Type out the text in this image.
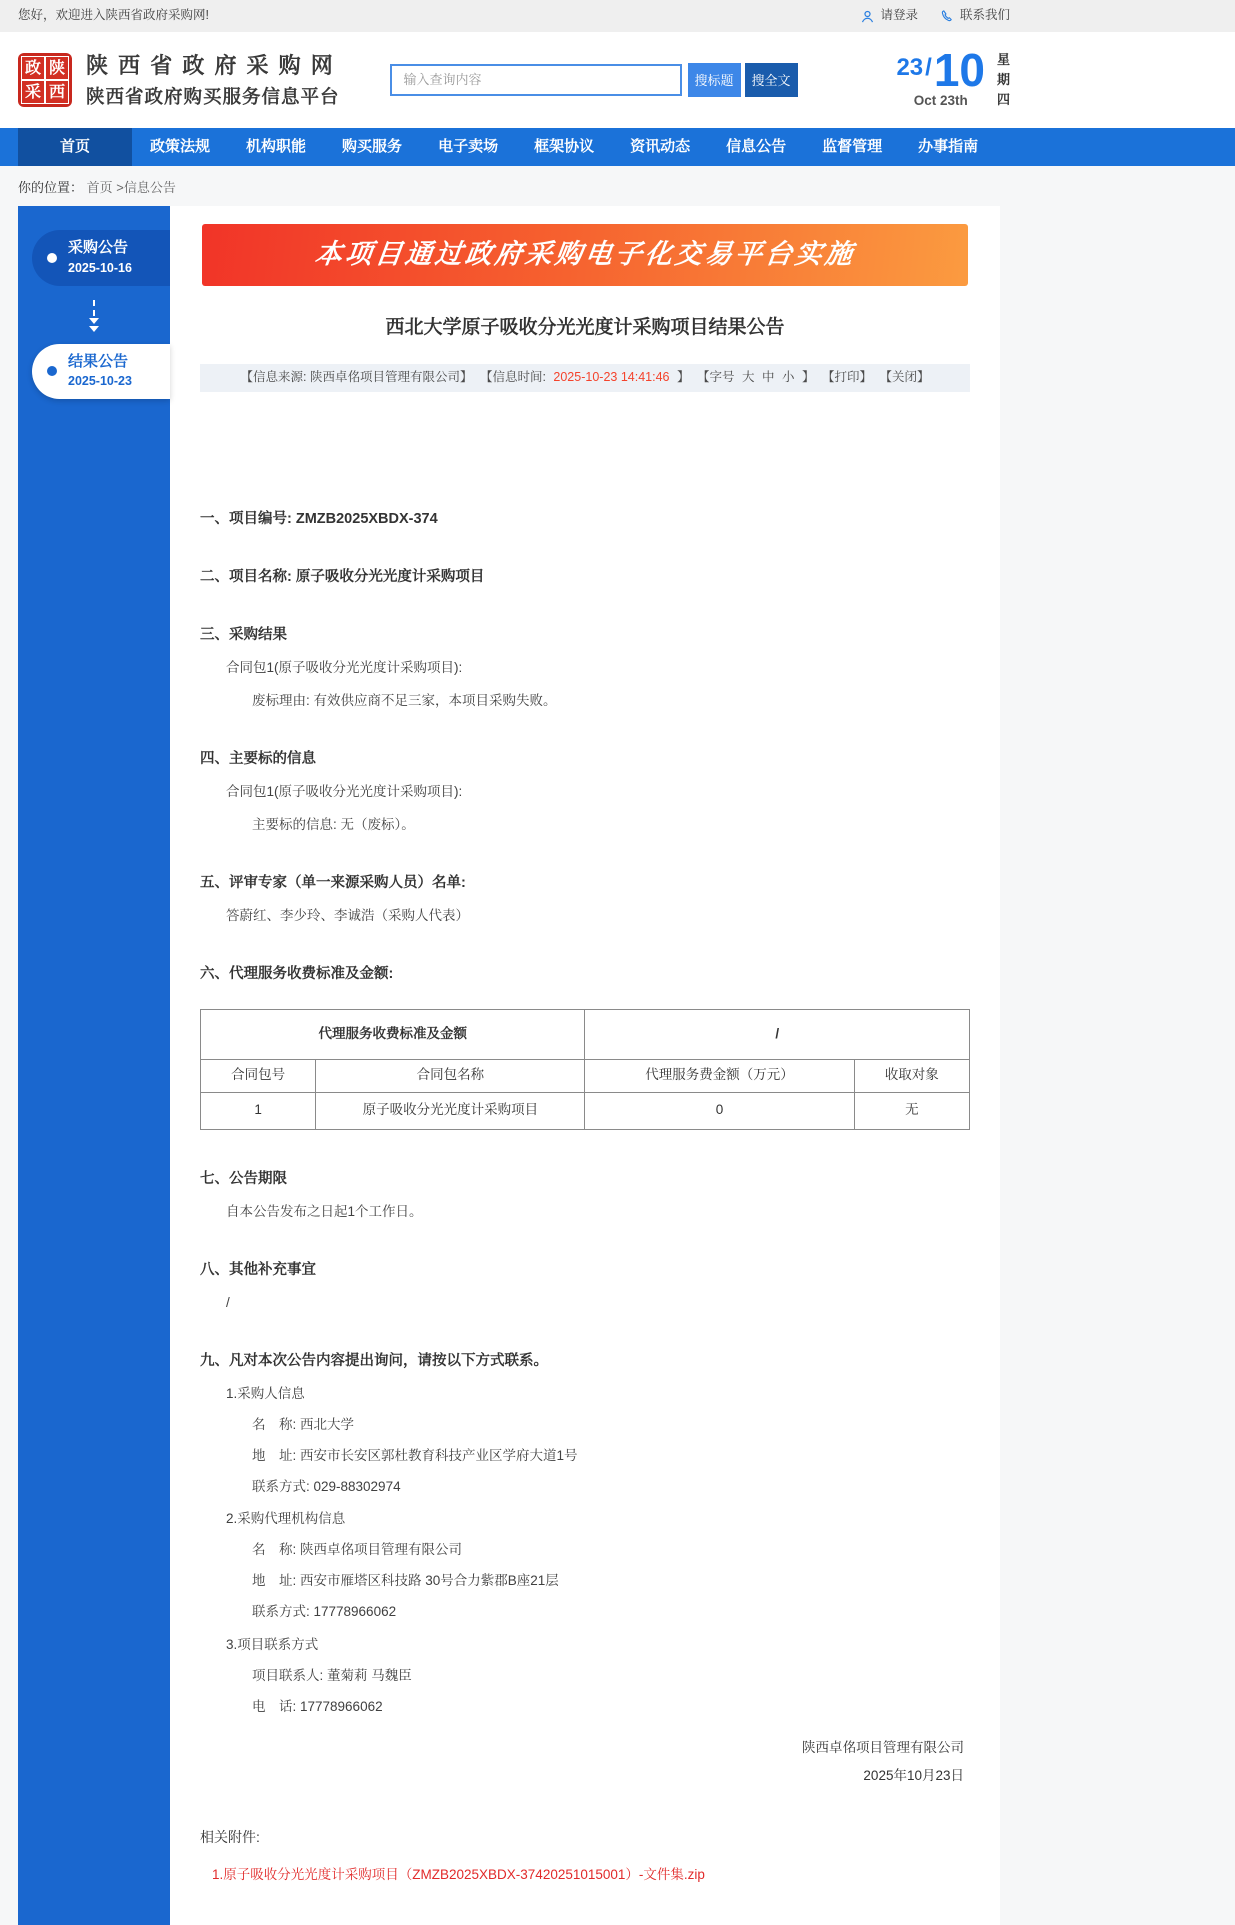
您好，欢迎进入陕西省政府采购网!	请登录	联系我们
政 陕
采 西
陕 西 省 政 府 采 购 网
陕西省政府购买服务信息平台
输入查询内容
搜标题	搜全文
23 / 10
Oct 23th
星
期
四
首页	政策法规	机构职能	购买服务	电子卖场	框架协议	资讯动态	信息公告	监督管理	办事指南
你的位置： 首页 >信息公告
采购公告
2025-10-16
结果公告
2025-10-23
本项目通过政府采购电子化交易平台实施
西北大学原子吸收分光光度计采购项目结果公告
【信息来源: 陕西卓佲项目管理有限公司】 【信息时间: 2025-10-23 14:41:46 】 【字号 大 中 小 】 【打印】 【关闭】
一、项目编号: ZMZB2025XBDX-374
二、项目名称: 原子吸收分光光度计采购项目
三、采购结果
合同包1(原子吸收分光光度计采购项目):
废标理由: 有效供应商不足三家，本项目采购失败。
四、主要标的信息
合同包1(原子吸收分光光度计采购项目):
主要标的信息: 无（废标）。
五、评审专家（单一来源采购人员）名单:
答蔚红、李少玲、李诚浩（采购人代表）
六、代理服务收费标准及金额:
代理服务收费标准及金额		/	
合同包号	合同包名称	代理服务费金额（万元）	收取对象
1	原子吸收分光光度计采购项目	0	无
七、公告期限
自本公告发布之日起1个工作日。
八、其他补充事宜
/
九、凡对本次公告内容提出询问，请按以下方式联系。
1.采购人信息
名　称: 西北大学
地　址: 西安市长安区郭杜教育科技产业区学府大道1号
联系方式: 029-88302974
2.采购代理机构信息
名　称: 陕西卓佲项目管理有限公司
地　址: 西安市雁塔区科技路 30号合力紫郡B座21层
联系方式: 17778966062
3.项目联系方式
项目联系人: 董菊莉 马魏臣
电　话: 17778966062
陕西卓佲项目管理有限公司
2025年10月23日
相关附件:
1.原子吸收分光光度计采购项目（ZMZB2025XBDX-37420251015001）-文件集.zip
